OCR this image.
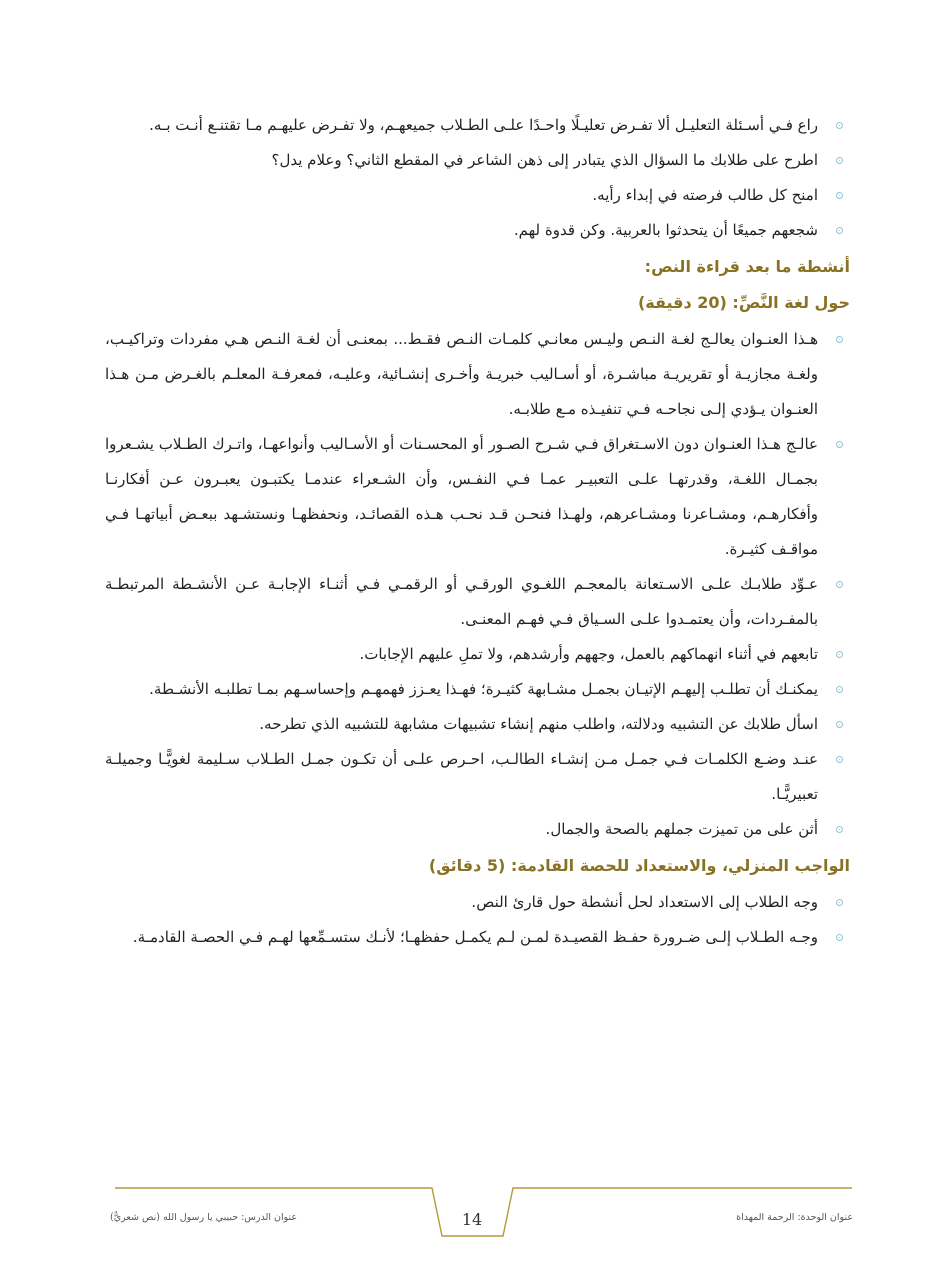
راع فـي أسـئلة التعليـل ألا تفـرض تعليـلًا واحـدًا علـى الطـلاب جميعهـم، ولا تفـرض عليهـم مـا تقتنـع أنـت بـه.
اطرح على طلابك ما السؤال الذي يتبادر إلى ذهن الشاعر في المقطع الثاني؟ وعلام يدل؟
امنح كل طالب فرصته في إبداء رأيه.
شجعهم جميعًا أن يتحدثوا بالعربية. وكن قدوة لهم.
أنشطة ما بعد قراءة النص:
حول لغة النَّصِّ: (20 دقيقة)
هـذا العنـوان يعالـج لغـة النـص وليـس معانـي كلمـات النـص فقـط... بمعنـى أن لغـة النـص هـي مفردات وتراكيـب، ولغـة مجازيـة أو تقريريـة مباشـرة، أو أسـاليب خبريـة وأخـرى إنشـائية، وعليـه، فمعرفـة المعلـم بالغـرض مـن هـذا العنـوان يـؤدي إلـى نجاحـه فـي تنفيـذه مـع طلابـه.
عالـج هـذا العنـوان دون الاسـتغراق فـي شـرح الصـور أو المحسـنات أو الأسـاليب وأنواعهـا، واتـرك الطـلاب يشـعروا بجمـال اللغـة، وقدرتهـا علـى التعبيـر عمـا فـي النفـس، وأن الشـعراء عندمـا يكتبـون يعبـرون عـن أفكارنـا وأفكارهـم، ومشـاعرنا ومشـاعرهم، ولهـذا فنحـن قـد نحـب هـذه القصائـد، ونحفظهـا ونستشـهد ببعـض أبياتهـا فـي مواقـف كثيـرة.
عـوِّد طلابـك علـى الاسـتعانة بالمعجـم اللغـوي الورقـي أو الرقمـي فـي أثنـاء الإجابـة عـن الأنشـطة المرتبطـة بالمفـردات، وأن يعتمـدوا علـى السـياق فـي فهـم المعنـى.
تابعهم في أثناء انهماكهم بالعمل، وجههم وأرشدهم، ولا تملِ عليهم الإجابات.
يمكنـك أن تطلـب إليهـم الإتيـان بجمـل مشـابهة كثيـرة؛ فهـذا يعـزز فهمهـم وإحساسـهم بمـا تطلبـه الأنشـطة.
اسأل طلابك عن التشبيه ودلالته، واطلب منهم إنشاء تشبيهات مشابهة للتشبيه الذي تطرحه.
عنـد وضـع الكلمـات فـي جمـل مـن إنشـاء الطالـب، احـرص علـى أن تكـون جمـل الطـلاب سـليمة لغويًّـا وجميلـة تعبيريًّـا.
أثن على من تميزت جملهم بالصحة والجمال.
الواجب المنزلي، والاستعداد للحصة القادمة: (5 دقائق)
وجه الطلاب إلى الاستعداد لحل أنشطة حول قارئ النص.
وجـه الطـلاب إلـى ضـرورة حفـظ القصيـدة لمـن لـم يكمـل حفظهـا؛ لأنـك ستسـمِّعها لهـم فـي الحصـة القادمـة.
عنوان الوحدة: الرحمة المهداة
14
عنوان الدرس: حبيبي يا رسول الله (نص شعريٌّ)
